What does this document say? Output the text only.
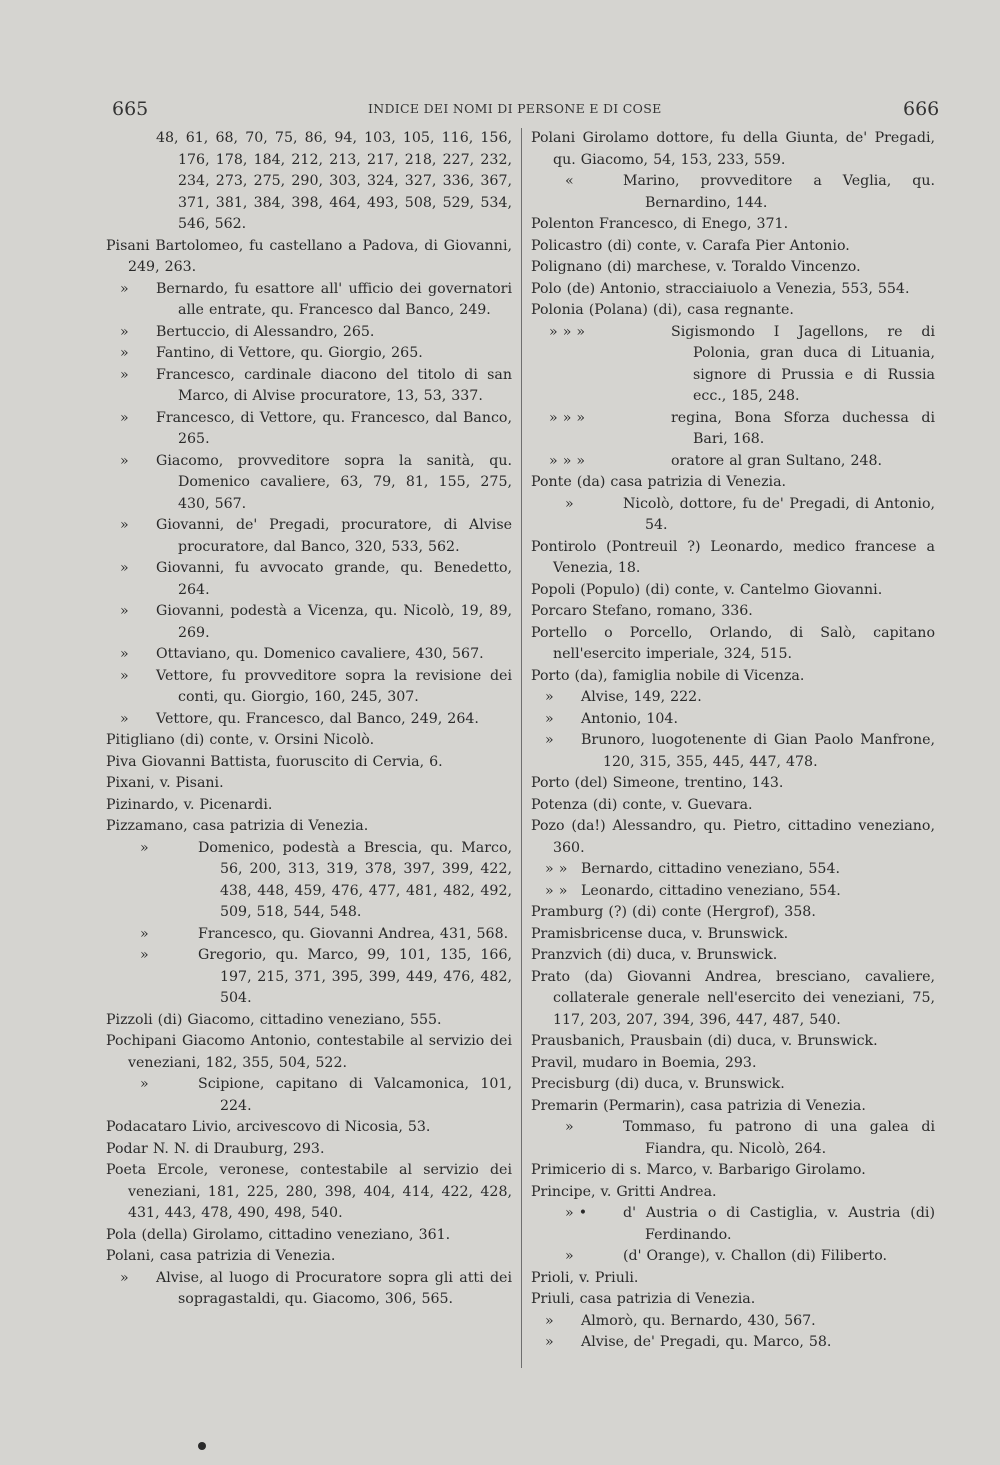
665	INDICE DEI NOMI DI PERSONE E DI COSE	666
48, 61, 68, 70, 75, 86, 94, 103, 105, 116, 156, 176, 178, 184, 212, 213, 217, 218, 227, 232, 234, 273, 275, 290, 303, 324, 327, 336, 367, 371, 381, 384, 398, 464, 493, 508, 529, 534, 546, 562.
Pisani Bartolomeo, fu castellano a Padova, di Giovanni, 249, 263.
» Bernardo, fu esattore all' ufficio dei governatori alle entrate, qu. Francesco dal Banco, 249.
» Bertuccio, di Alessandro, 265.
» Fantino, di Vettore, qu. Giorgio, 265.
» Francesco, cardinale diacono del titolo di san Marco, di Alvise procuratore, 13, 53, 337.
» Francesco, di Vettore, qu. Francesco, dal Banco, 265.
» Giacomo, provveditore sopra la sanità, qu. Domenico cavaliere, 63, 79, 81, 155, 275, 430, 567.
» Giovanni, de' Pregadi, procuratore, di Alvise procuratore, dal Banco, 320, 533, 562.
» Giovanni, fu avvocato grande, qu. Benedetto, 264.
» Giovanni, podestà a Vicenza, qu. Nicolò, 19, 89, 269.
» Ottaviano, qu. Domenico cavaliere, 430, 567.
» Vettore, fu provveditore sopra la revisione dei conti, qu. Giorgio, 160, 245, 307.
» Vettore, qu. Francesco, dal Banco, 249, 264.
Pitigliano (di) conte, v. Orsini Nicolò.
Piva Giovanni Battista, fuoruscito di Cervia, 6.
Pixani, v. Pisani.
Pizinardo, v. Picenardi.
Pizzamano, casa patrizia di Venezia.
»	Domenico, podestà a Brescia, qu. Marco, 56, 200, 313, 319, 378, 397, 399, 422, 438, 448, 459, 476, 477, 481, 482, 492, 509, 518, 544, 548.
»	Francesco, qu. Giovanni Andrea, 431, 568.
»	Gregorio, qu. Marco, 99, 101, 135, 166, 197, 215, 371, 395, 399, 449, 476, 482, 504.
Pizzoli (di) Giacomo, cittadino veneziano, 555.
Pochipani Giacomo Antonio, contestabile al servizio dei veneziani, 182, 355, 504, 522.
»	Scipione, capitano di Valcamonica, 101, 224.
Podacataro Livio, arcivescovo di Nicosia, 53.
Podar N. N. di Drauburg, 293.
Poeta Ercole, veronese, contestabile al servizio dei veneziani, 181, 225, 280, 398, 404, 414, 422, 428, 431, 443, 478, 490, 498, 540.
Pola (della) Girolamo, cittadino veneziano, 361.
Polani, casa patrizia di Venezia.
» Alvise, al luogo di Procuratore sopra gli atti dei sopragastaldi, qu. Giacomo, 306, 565.
Polani Girolamo dottore, fu della Giunta, de' Pregadi, qu. Giacomo, 54, 153, 233, 559.
«	Marino, provveditore a Veglia, qu. Bernardino, 144.
Polenton Francesco, di Enego, 371.
Policastro (di) conte, v. Carafa Pier Antonio.
Polignano (di) marchese, v. Toraldo Vincenzo.
Polo (de) Antonio, stracciaiuolo a Venezia, 553, 554.
Polonia (Polana) (di), casa regnante.
» » »	Sigismondo I Jagellons, re di Polonia, gran duca di Lituania, signore di Prussia e di Russia ecc., 185, 248.
» » »	regina, Bona Sforza duchessa di Bari, 168.
» » »	oratore al gran Sultano, 248.
Ponte (da) casa patrizia di Venezia.
»	Nicolò, dottore, fu de' Pregadi, di Antonio, 54.
Pontirolo (Pontreuil ?) Leonardo, medico francese a Venezia, 18.
Popoli (Populo) (di) conte, v. Cantelmo Giovanni.
Porcaro Stefano, romano, 336.
Portello o Porcello, Orlando, di Salò, capitano nell'esercito imperiale, 324, 515.
Porto (da), famiglia nobile di Vicenza.
» Alvise, 149, 222.
» Antonio, 104.
» Brunoro, luogotenente di Gian Paolo Manfrone, 120, 315, 355, 445, 447, 478.
Porto (del) Simeone, trentino, 143.
Potenza (di) conte, v. Guevara.
Pozo (da!) Alessandro, qu. Pietro, cittadino veneziano, 360.
» » Bernardo, cittadino veneziano, 554.
» » Leonardo, cittadino veneziano, 554.
Pramburg (?) (di) conte (Hergrof), 358.
Pramisbricense duca, v. Brunswick.
Pranzvich (di) duca, v. Brunswick.
Prato (da) Giovanni Andrea, bresciano, cavaliere, collaterale generale nell'esercito dei veneziani, 75, 117, 203, 207, 394, 396, 447, 487, 540.
Prausbanich, Prausbain (di) duca, v. Brunswick.
Pravil, mudaro in Boemia, 293.
Precisburg (di) duca, v. Brunswick.
Premarin (Permarin), casa patrizia di Venezia.
»	Tommaso, fu patrono di una galea di Fiandra, qu. Nicolò, 264.
Primicerio di s. Marco, v. Barbarigo Girolamo.
Principe, v. Gritti Andrea.
» •	d' Austria o di Castiglia, v. Austria (di) Ferdinando.
»	(d' Orange), v. Challon (di) Filiberto.
Prioli, v. Priuli.
Priuli, casa patrizia di Venezia.
» Almorò, qu. Bernardo, 430, 567.
» Alvise, de' Pregadi, qu. Marco, 58.
